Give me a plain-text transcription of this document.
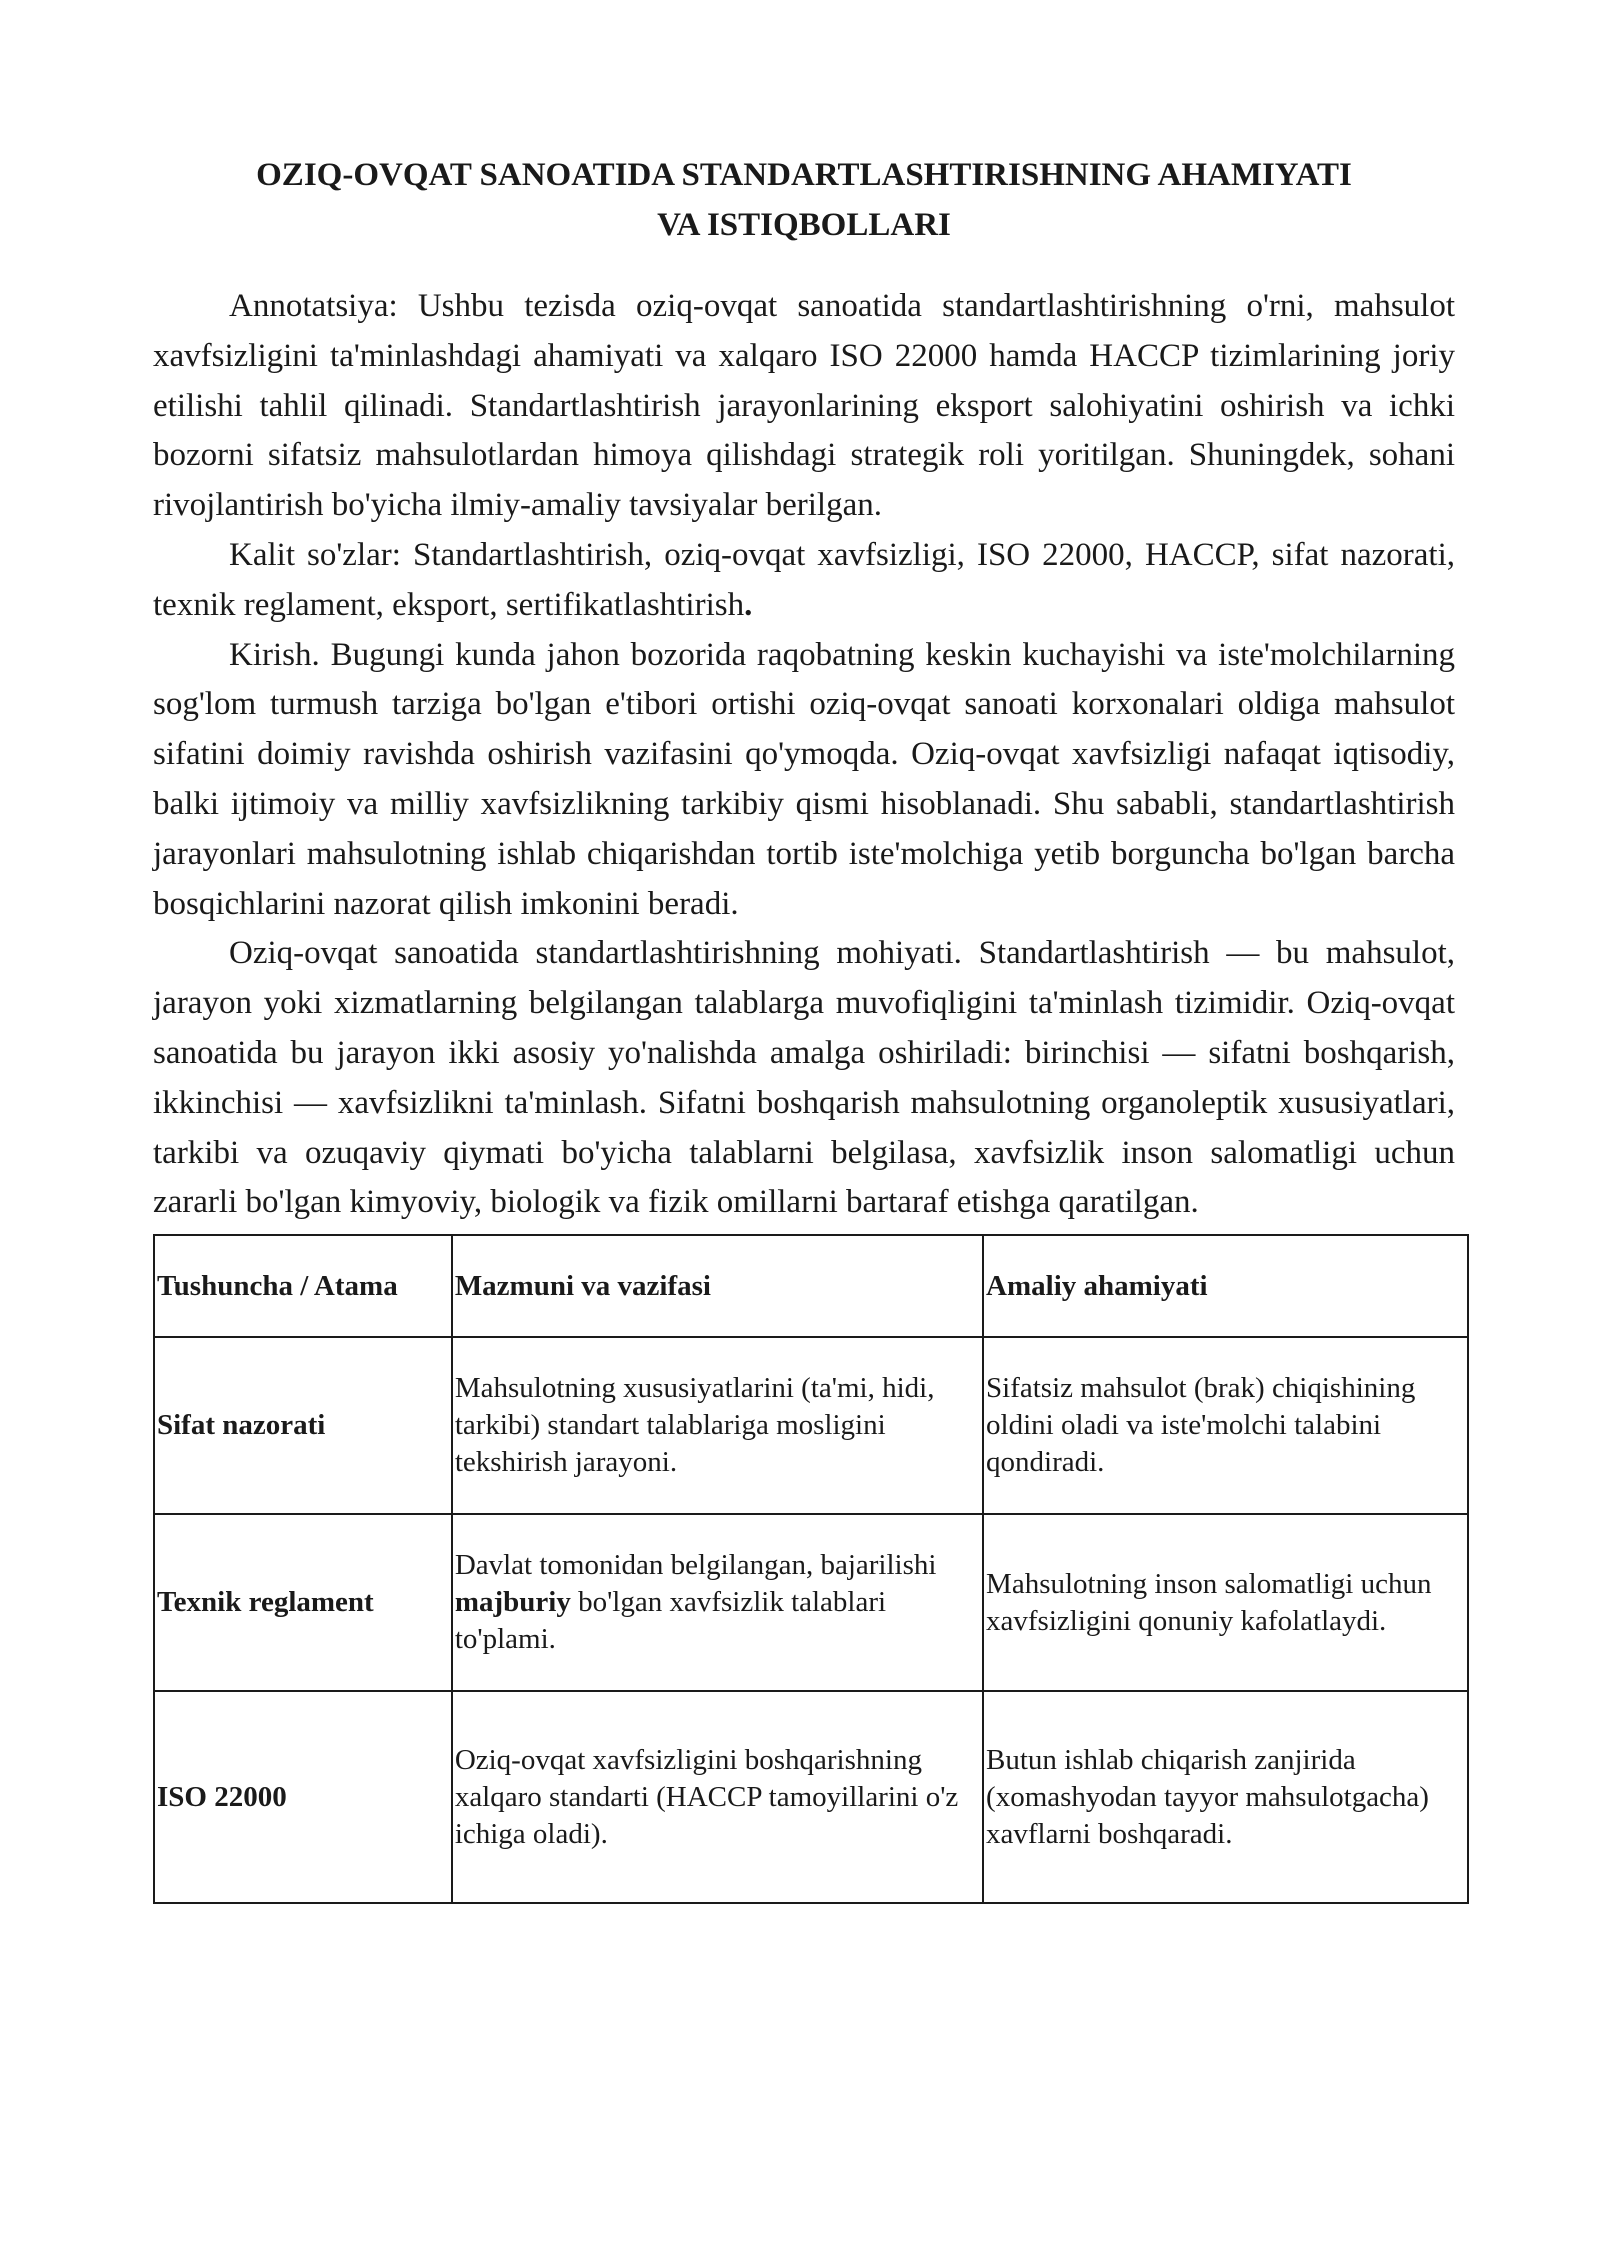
OZIQ-OVQAT SANOATIDA STANDARTLASHTIRISHNING AHAMIYATI
VA ISTIQBOLLARI

Annotatsiya: Ushbu tezisda oziq-ovqat sanoatida standartlashtirishning o'rni, mahsulot xavfsizligini ta'minlashdagi ahamiyati va xalqaro ISO 22000 hamda HACCP tizimlarining joriy etilishi tahlil qilinadi. Standartlashtirish jarayonlarining eksport salohiyatini oshirish va ichki bozorni sifatsiz mahsulotlardan himoya qilishdagi strategik roli yoritilgan. Shuningdek, sohani rivojlantirish bo'yicha ilmiy-amaliy tavsiyalar berilgan.

Kalit so'zlar: Standartlashtirish, oziq-ovqat xavfsizligi, ISO 22000, HACCP, sifat nazorati, texnik reglament, eksport, sertifikatlashtirish.

Kirish. Bugungi kunda jahon bozorida raqobatning keskin kuchayishi va iste'molchilarning sog'lom turmush tarziga bo'lgan e'tibori ortishi oziq-ovqat sanoati korxonalari oldiga mahsulot sifatini doimiy ravishda oshirish vazifasini qo'ymoqda. Oziq-ovqat xavfsizligi nafaqat iqtisodiy, balki ijtimoiy va milliy xavfsizlikning tarkibiy qismi hisoblanadi. Shu sababli, standartlashtirish jarayonlari mahsulotning ishlab chiqarishdan tortib iste'molchiga yetib borguncha bo'lgan barcha bosqichlarini nazorat qilish imkonini beradi.

Oziq-ovqat sanoatida standartlashtirishning mohiyati. Standartlashtirish — bu mahsulot, jarayon yoki xizmatlarning belgilangan talablarga muvofiqligini ta'minlash tizimidir. Oziq-ovqat sanoatida bu jarayon ikki asosiy yo'nalishda amalga oshiriladi: birinchisi — sifatni boshqarish, ikkinchisi — xavfsizlikni ta'minlash. Sifatni boshqarish mahsulotning organoleptik xususiyatlari, tarkibi va ozuqaviy qiymati bo'yicha talablarni belgilasa, xavfsizlik inson salomatligi uchun zararli bo'lgan kimyoviy, biologik va fizik omillarni bartaraf etishga qaratilgan.

Tushuncha / Atama	Mazmuni va vazifasi	Amaliy ahamiyati
Sifat nazorati	Mahsulotning xususiyatlarini (ta'mi, hidi, tarkibi) standart talablariga mosligini tekshirish jarayoni.	Sifatsiz mahsulot (brak) chiqishining oldini oladi va iste'molchi talabini qondiradi.
Texnik reglament	Davlat tomonidan belgilangan, bajarilishi majburiy bo'lgan xavfsizlik talablari to'plami.	Mahsulotning inson salomatligi uchun xavfsizligini qonuniy kafolatlaydi.
ISO 22000	Oziq-ovqat xavfsizligini boshqarishning xalqaro standarti (HACCP tamoyillarini o'z ichiga oladi).	Butun ishlab chiqarish zanjirida (xomashyodan tayyor mahsulotgacha) xavflarni boshqaradi.
